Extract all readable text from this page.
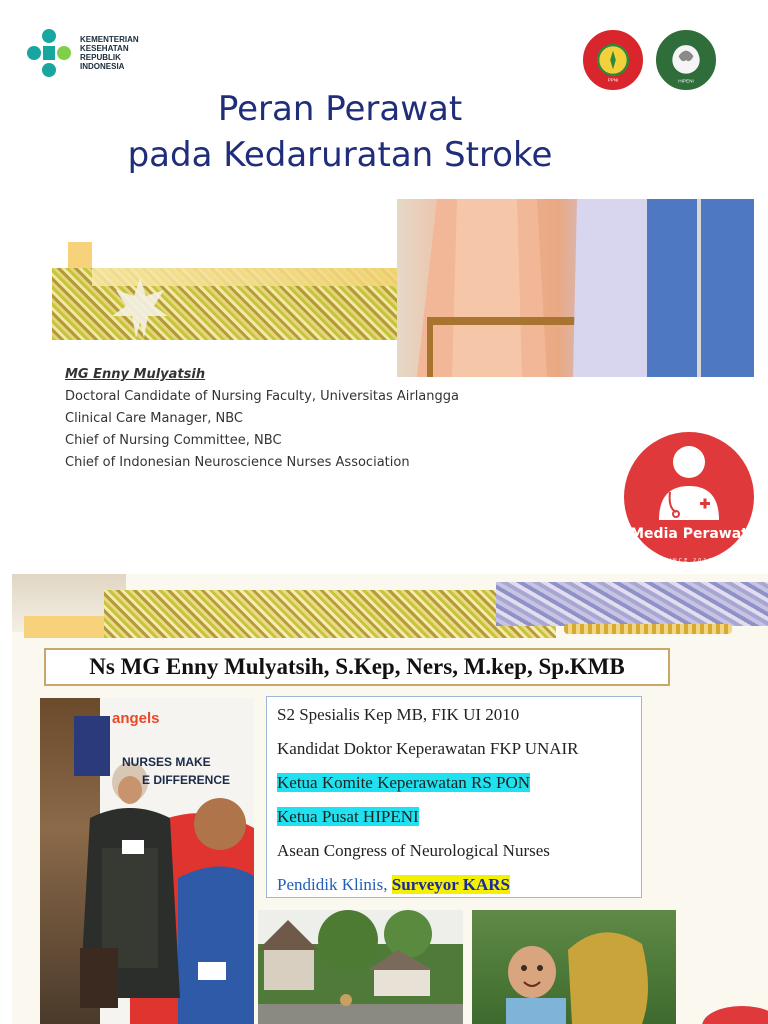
KEMENTERIAN
KESEHATAN
REPUBLIK
INDONESIA
PPNI	HIPENI
Peran Perawat
pada Kedaruratan Stroke
MG Enny Mulyatsih
Doctoral Candidate of Nursing Faculty, Universitas Airlangga
Clinical Care Manager, NBC
Chief of Nursing Committee, NBC
Chief of Indonesian Neuroscience Nurses Association
Media Perawat
SINCE 2016
Ns MG Enny Mulyatsih, S.Kep, Ners, M.kep, Sp.KMB
angels
NURSES MAKE
E DIFFERENCE
S2 Spesialis Kep MB, FIK UI 2010
Kandidat Doktor Keperawatan FKP UNAIR
Ketua Komite Keperawatan RS PON
Ketua Pusat HIPENI
Asean Congress of Neurological Nurses
Pendidik Klinis, Surveyor KARS
